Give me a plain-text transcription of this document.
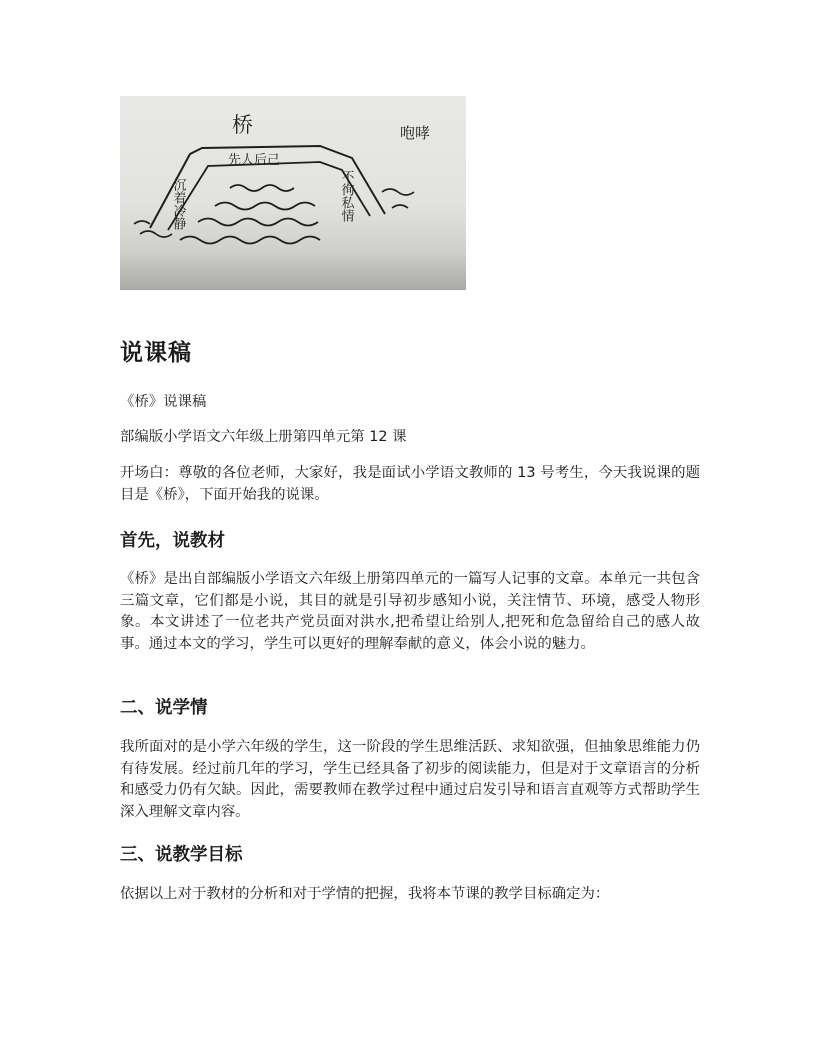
桥	咆哮
先人后己
沉着冷静	不徇私情
说课稿

《桥》说课稿

部编版小学语文六年级上册第四单元第 12 课

开场白：尊敬的各位老师，大家好，我是面试小学语文教师的 13 号考生，今天我说课的题目是《桥》，下面开始我的说课。

首先，说教材

《桥》是出自部编版小学语文六年级上册第四单元的一篇写人记事的文章。本单元一共包含三篇文章，它们都是小说，其目的就是引导初步感知小说，关注情节、环境，感受人物形象。本文讲述了一位老共产党员面对洪水,把希望让给别人,把死和危急留给自己的感人故事。通过本文的学习，学生可以更好的理解奉献的意义，体会小说的魅力。

二、说学情

我所面对的是小学六年级的学生，这一阶段的学生思维活跃、求知欲强，但抽象思维能力仍有待发展。经过前几年的学习，学生已经具备了初步的阅读能力，但是对于文章语言的分析和感受力仍有欠缺。因此，需要教师在教学过程中通过启发引导和语言直观等方式帮助学生深入理解文章内容。

三、说教学目标

依据以上对于教材的分析和对于学情的把握，我将本节课的教学目标确定为：
